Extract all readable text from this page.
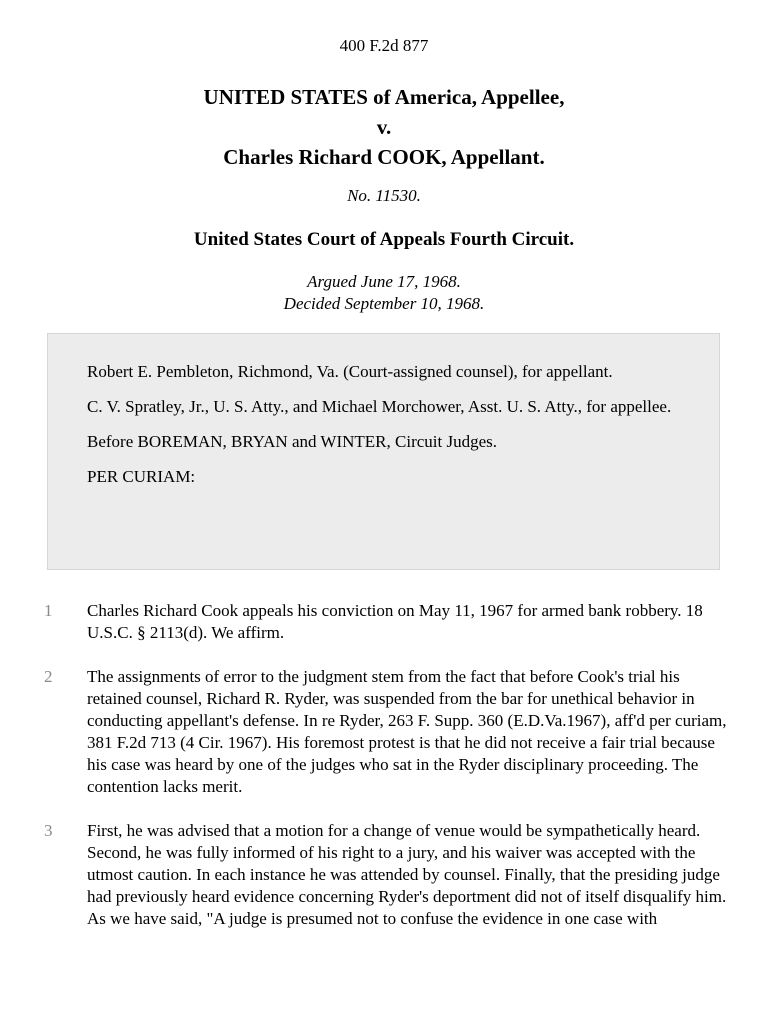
400 F.2d 877
UNITED STATES of America, Appellee,
v.
Charles Richard COOK, Appellant.
No. 11530.
United States Court of Appeals Fourth Circuit.
Argued June 17, 1968.
Decided September 10, 1968.

Robert E. Pembleton, Richmond, Va. (Court-assigned counsel), for appellant.

C. V. Spratley, Jr., U. S. Atty., and Michael Morchower, Asst. U. S. Atty., for appellee.

Before BOREMAN, BRYAN and WINTER, Circuit Judges.

PER CURIAM:

1 Charles Richard Cook appeals his conviction on May 11, 1967 for armed bank robbery. 18 U.S.C. § 2113(d). We affirm.
2 The assignments of error to the judgment stem from the fact that before Cook's trial his retained counsel, Richard R. Ryder, was suspended from the bar for unethical behavior in conducting appellant's defense. In re Ryder, 263 F. Supp. 360 (E.D.Va.1967), aff'd per curiam, 381 F.2d 713 (4 Cir. 1967). His foremost protest is that he did not receive a fair trial because his case was heard by one of the judges who sat in the Ryder disciplinary proceeding. The contention lacks merit.
3 First, he was advised that a motion for a change of venue would be sympathetically heard. Second, he was fully informed of his right to a jury, and his waiver was accepted with the utmost caution. In each instance he was attended by counsel. Finally, that the presiding judge had previously heard evidence concerning Ryder's deportment did not of itself disqualify him. As we have said, "A judge is presumed not to confuse the evidence in one case with
